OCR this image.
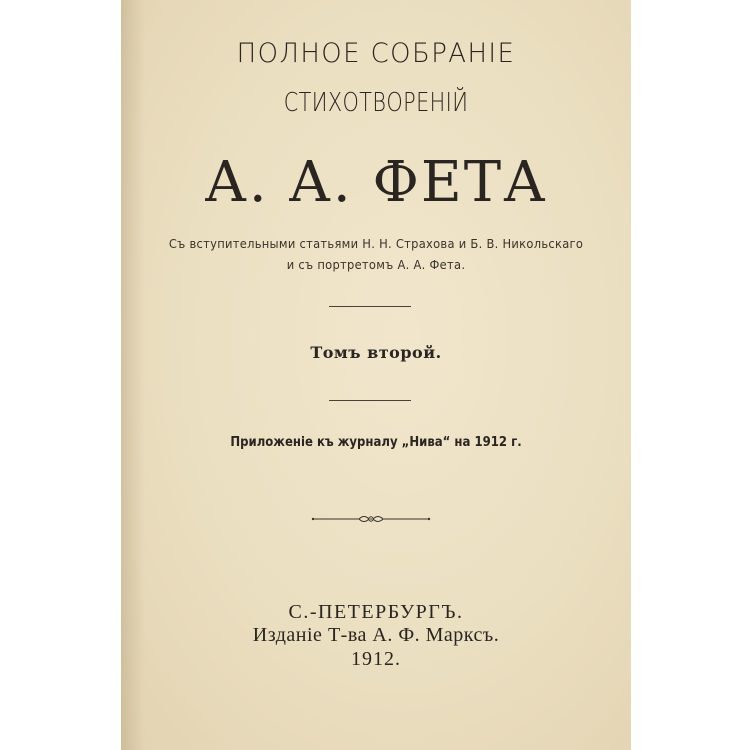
ПОЛНОЕ СОБРАНІЕ
СТИХОТВОРЕНІЙ
А. А. ФЕТА
Съ вступительными статьями Н. Н. Страхова и Б. В. Никольскаго
и съ портретомъ А. А. Фета.
Томъ второй.
Приложеніе къ журналу „Нива“ на 1912 г.
С.-ПЕТЕРБУРГЪ.
Изданіе Т-ва А. Ф. Марксъ.
1912.
